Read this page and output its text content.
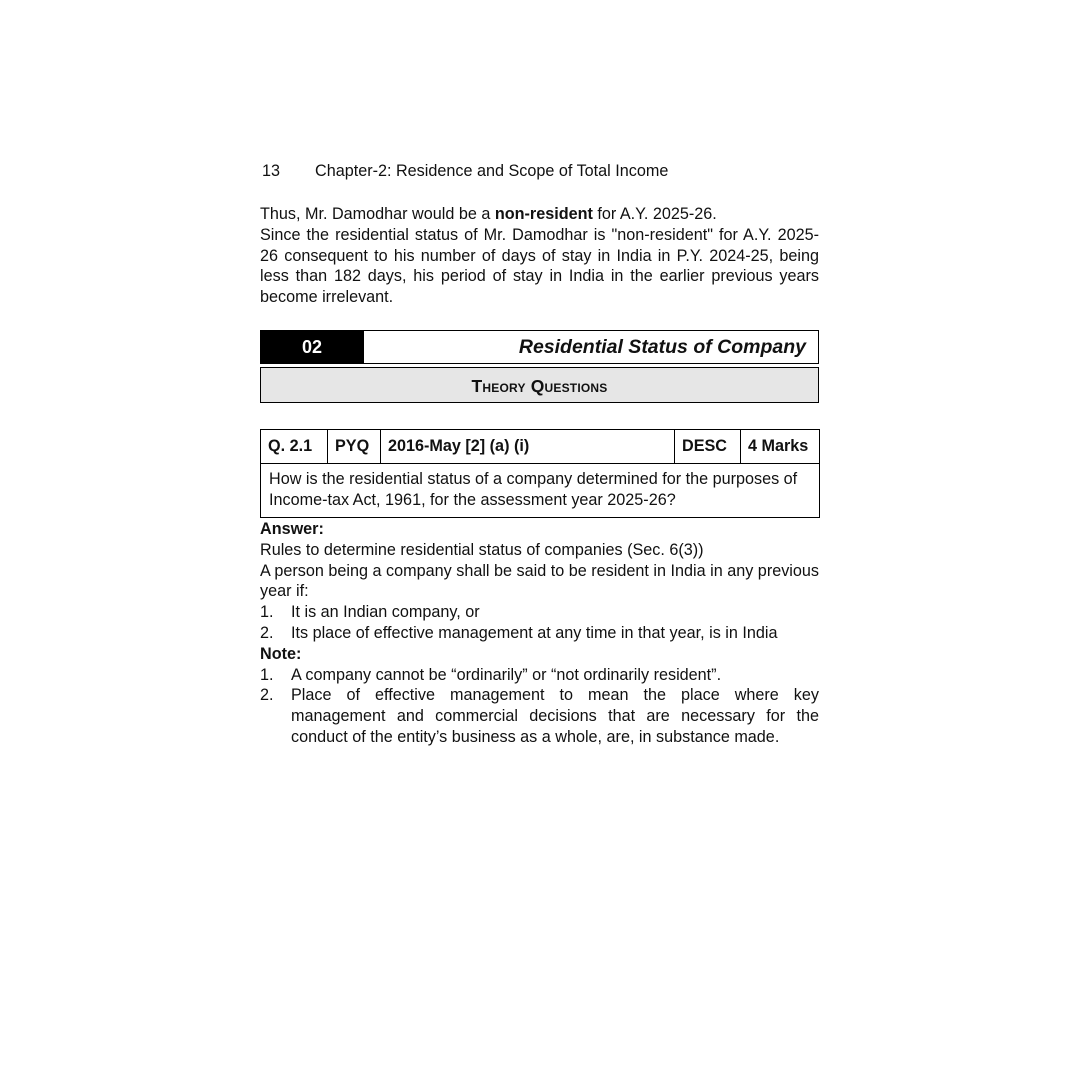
13 Chapter-2: Residence and Scope of Total Income

Thus, Mr. Damodhar would be a non-resident for A.Y. 2025-26.

Since the residential status of Mr. Damodhar is "non-resident" for A.Y. 2025-26 consequent to his number of days of stay in India in P.Y. 2024-25, being less than 182 days, his period of stay in India in the earlier previous years become irrelevant.

02	Residential Status of Company
Theory Questions
Q. 2.1	PYQ	2016-May [2] (a) (i)	DESC	4 Marks
How is the residential status of a company determined for the purposes of Income-tax Act, 1961, for the assessment year 2025-26?
Answer:

Rules to determine residential status of companies (Sec. 6(3))

A person being a company shall be said to be resident in India in any previous year if:

1.	It is an Indian company, or
2.	Its place of effective management at any time in that year, is in India
Note:
1.	A company cannot be “ordinarily” or “not ordinarily resident”.
2.	Place of effective management to mean the place where key management and commercial decisions that are necessary for the conduct of the entity’s business as a whole, are, in substance made.
